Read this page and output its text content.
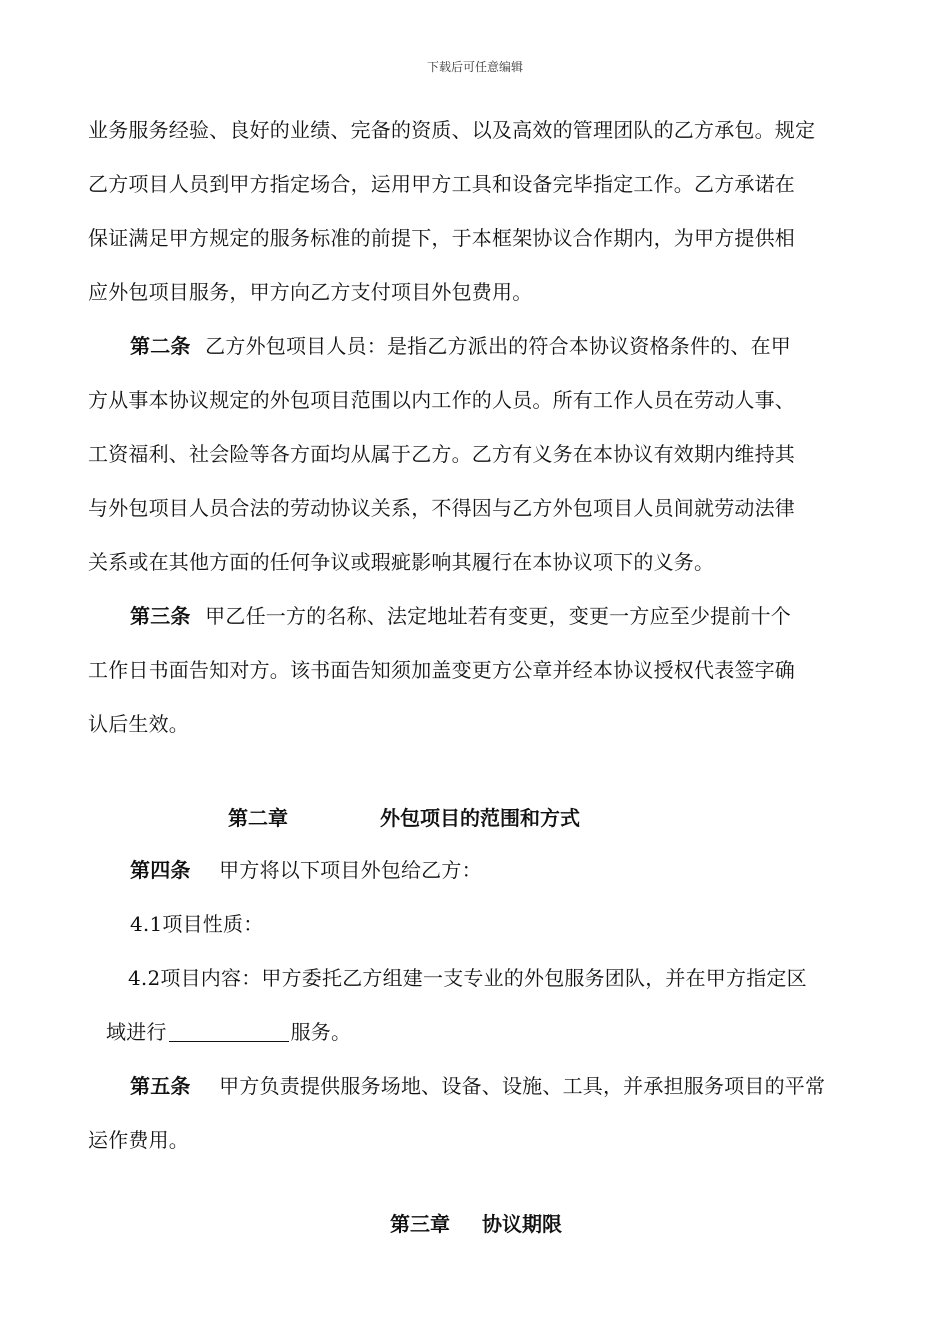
下载后可任意编辑
业务服务经验、良好的业绩、完备的资质、以及高效的管理团队的乙方承包。规定
乙方项目人员到甲方指定场合，运用甲方工具和设备完毕指定工作。乙方承诺在
保证满足甲方规定的服务标准的前提下，于本框架协议合作期内，为甲方提供相
应外包项目服务，甲方向乙方支付项目外包费用。
第二条 乙方外包项目人员：是指乙方派出的符合本协议资格条件的、在甲
方从事本协议规定的外包项目范围以内工作的人员。所有工作人员在劳动人事、
工资福利、社会险等各方面均从属于乙方。乙方有义务在本协议有效期内维持其
与外包项目人员合法的劳动协议关系，不得因与乙方外包项目人员间就劳动法律
关系或在其他方面的任何争议或瑕疵影响其履行在本协议项下的义务。
第三条 甲乙任一方的名称、法定地址若有变更，变更一方应至少提前十个
工作日书面告知对方。该书面告知须加盖变更方公章并经本协议授权代表签字确
认后生效。
第二章	外包项目的范围和方式
第四条 甲方将以下项目外包给乙方：
4.1项目性质：
4.2项目内容：甲方委托乙方组建一支专业的外包服务团队，并在甲方指定区
域进行	服务。
第五条 甲方负责提供服务场地、设备、设施、工具，并承担服务项目的平常
运作费用。
第三章 协议期限
